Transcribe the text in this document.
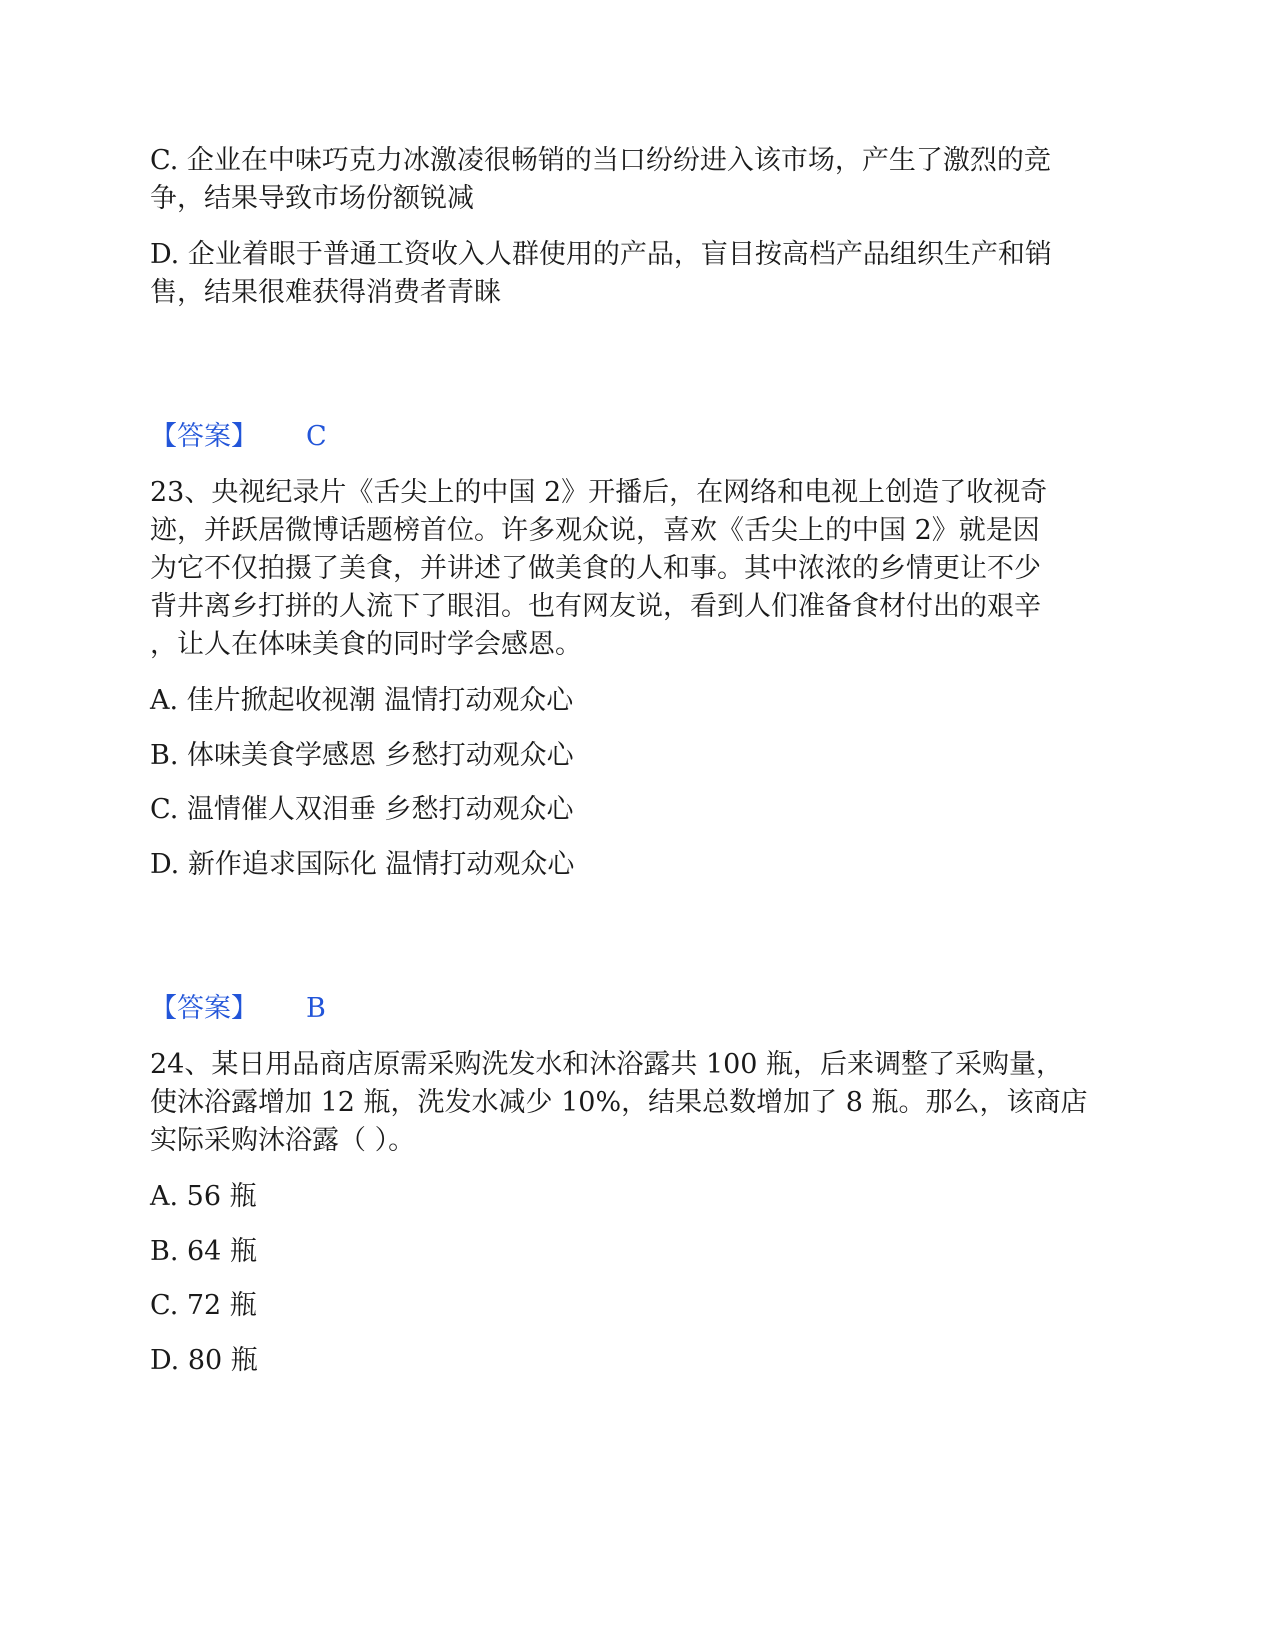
C. 企业在中味巧克力冰激凌很畅销的当口纷纷进入该市场，产生了激烈的竞
争，结果导致市场份额锐减
D. 企业着眼于普通工资收入人群使用的产品，盲目按高档产品组织生产和销
售，结果很难获得消费者青睐
【答案】 C
23、央视纪录片《舌尖上的中国 2》开播后，在网络和电视上创造了收视奇
迹，并跃居微博话题榜首位。许多观众说，喜欢《舌尖上的中国 2》就是因
为它不仅拍摄了美食，并讲述了做美食的人和事。其中浓浓的乡情更让不少
背井离乡打拼的人流下了眼泪。也有网友说，看到人们准备食材付出的艰辛
，让人在体味美食的同时学会感恩。
A. 佳片掀起收视潮 温情打动观众心
B. 体味美食学感恩 乡愁打动观众心
C. 温情催人双泪垂 乡愁打动观众心
D. 新作追求国际化 温情打动观众心
【答案】 B
24、某日用品商店原需采购洗发水和沐浴露共 100 瓶，后来调整了采购量，
使沐浴露增加 12 瓶，洗发水减少 10%，结果总数增加了 8 瓶。那么，该商店
实际采购沐浴露（ ）。
A. 56 瓶
B. 64 瓶
C. 72 瓶
D. 80 瓶
